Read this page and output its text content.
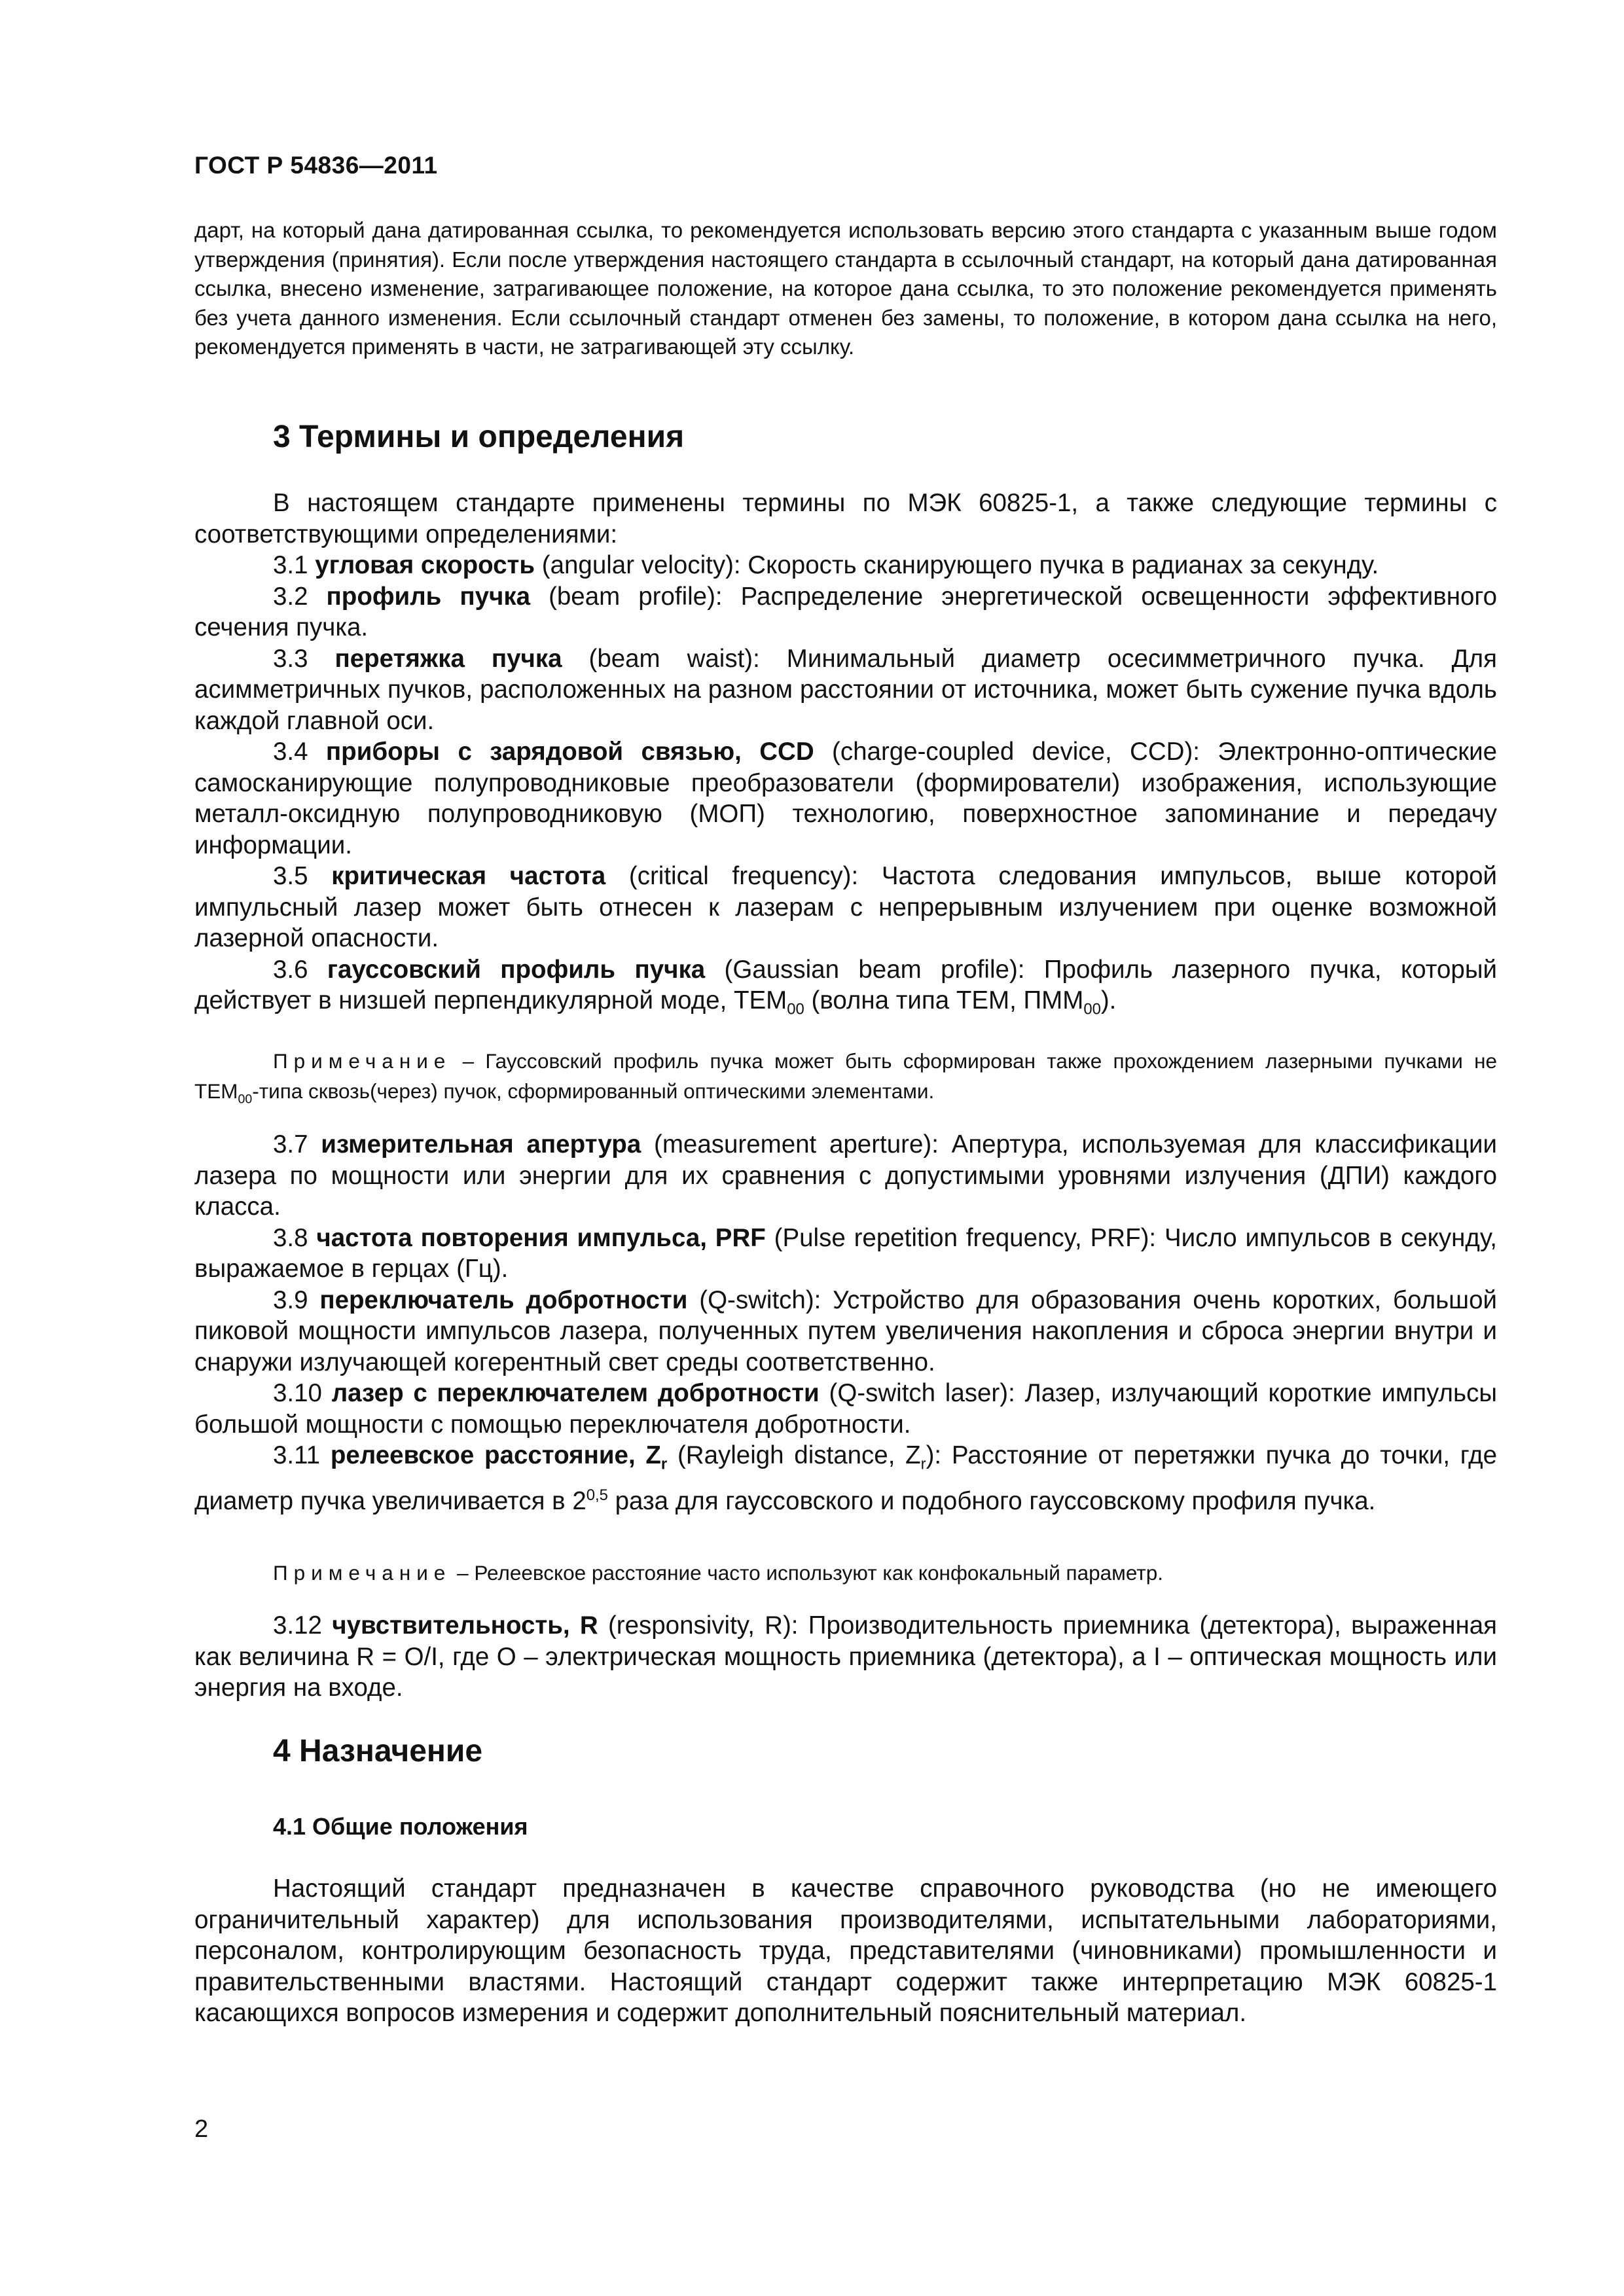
ГОСТ Р 54836—2011
дарт, на который дана датированная ссылка, то рекомендуется использовать версию этого стандарта с указанным выше годом утверждения (принятия). Если после утверждения настоящего стандарта в ссылочный стандарт, на который дана датированная ссылка, внесено изменение, затрагивающее положение, на которое дана ссылка, то это положение рекомендуется применять без учета данного изменения. Если ссылочный стандарт отменен без замены, то положение, в котором дана ссылка на него, рекомендуется применять в части, не затрагивающей эту ссылку.
3 Термины и определения

В настоящем стандарте применены термины по МЭК 60825-1, а также следующие термины с соответствующими определениями:

3.1 угловая скорость (angular velocity): Скорость сканирующего пучка в радианах за секунду.

3.2 профиль пучка (beam profile): Распределение энергетической освещенности эффективного сечения пучка.

3.3 перетяжка пучка (beam waist): Минимальный диаметр осесимметричного пучка. Для асимметричных пучков, расположенных на разном расстоянии от источника, может быть сужение пучка вдоль каждой главной оси.

3.4 приборы с зарядовой связью, CCD (charge-coupled device, CCD): Электронно-оптические самосканирующие полупроводниковые преобразователи (формирователи) изображения, использующие металл-оксидную полупроводниковую (МОП) технологию, поверхностное запоминание и передачу информации.

3.5 критическая частота (critical frequency): Частота следования импульсов, выше которой импульсный лазер может быть отнесен к лазерам с непрерывным излучением при оценке возможной лазерной опасности.

3.6 гауссовский профиль пучка (Gaussian beam profile): Профиль лазерного пучка, который действует в низшей перпендикулярной моде, $ТЕМ_{00}$ (волна типа ТЕМ, $ПММ_{00}$).

Примечание – Гауссовский профиль пучка может быть сформирован также прохождением лазерными пучками не $ТЕМ_{00}$-типа сквозь(через) пучок, сформированный оптическими элементами.

3.7 измерительная апертура (measurement aperture): Апертура, используемая для классификации лазера по мощности или энергии для их сравнения с допустимыми уровнями излучения (ДПИ) каждого класса.

3.8 частота повторения импульса, PRF (Pulse repetition frequency, PRF): Число импульсов в секунду, выражаемое в герцах (Гц).

3.9 переключатель добротности (Q-switch): Устройство для образования очень коротких, большой пиковой мощности импульсов лазера, полученных путем увеличения накопления и сброса энергии внутри и снаружи излучающей когерентный свет среды соответственно.

3.10 лазер с переключателем добротности (Q-switch laser): Лазер, излучающий короткие импульсы большой мощности с помощью переключателя добротности.

3.11 релеевское расстояние, $Z_r$ (Rayleigh distance, $Z_r$): Расстояние от перетяжки пучка до точки, где диаметр пучка увеличивается в 2$^{0,5}$ раза для гауссовского и подобного гауссовскому профиля пучка.

Примечание – Релеевское расстояние часто используют как конфокальный параметр.

3.12 чувствительность, R (responsivity, R): Производительность приемника (детектора), выраженная как величина R = O/I, где O – электрическая мощность приемника (детектора), а I – оптическая мощность или энергия на входе.

4 Назначение
4.1 Общие положения

Настоящий стандарт предназначен в качестве справочного руководства (но не имеющего ограничительный характер) для использования производителями, испытательными лабораториями, персоналом, контролирующим безопасность труда, представителями (чиновниками) промышленности и правительственными властями. Настоящий стандарт содержит также интерпретацию МЭК 60825-1 касающихся вопросов измерения и содержит дополнительный пояснительный материал.

2
